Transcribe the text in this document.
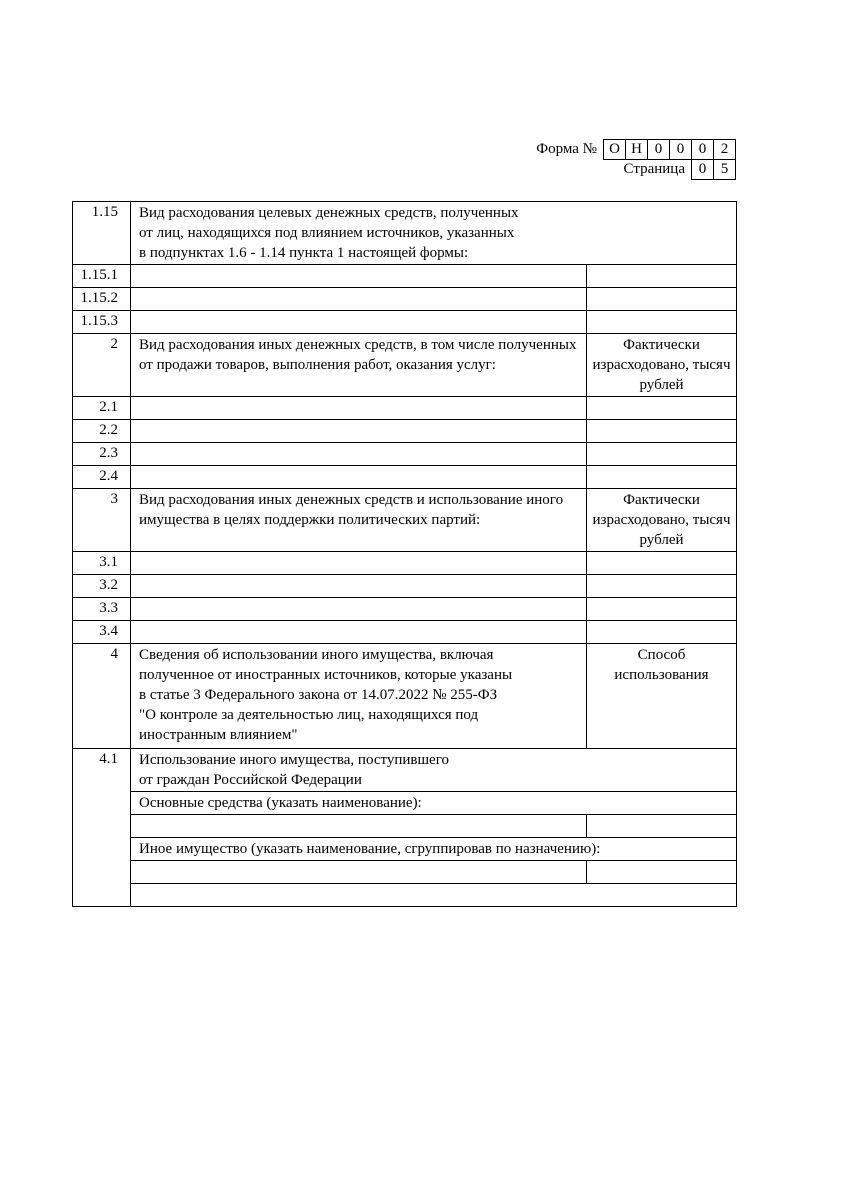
Форма № О Н 0 0 0 2
Страница 0 5
1.15	Вид расходования целевых денежных средств, полученных
от лиц, находящихся под влиянием источников, указанных
в подпунктах 1.6 - 1.14 пункта 1 настоящей формы:	
1.15.1		
1.15.2		
1.15.3		
2	Вид расходования иных денежных средств, в том числе полученных от продажи товаров, выполнения работ, оказания услуг:	Фактически израсходовано, тысяч рублей
2.1		
2.2		
2.3		
2.4		
3	Вид расходования иных денежных средств и использование иного имущества в целях поддержки политических партий:	Фактически израсходовано, тысяч рублей
3.1		
3.2		
3.3		
3.4		
4	Сведения об использовании иного имущества, включая
полученное от иностранных источников, которые указаны
в статье 3 Федерального закона от 14.07.2022 № 255-ФЗ
"О контроле за деятельностью лиц, находящихся под
иностранным влиянием"	Способ использования
4.1	Использование иного имущества, поступившего
от граждан Российской Федерации	
	Основные средства (указать наименование):	

	Иное имущество (указать наименование, сгруппировав по назначению):	
